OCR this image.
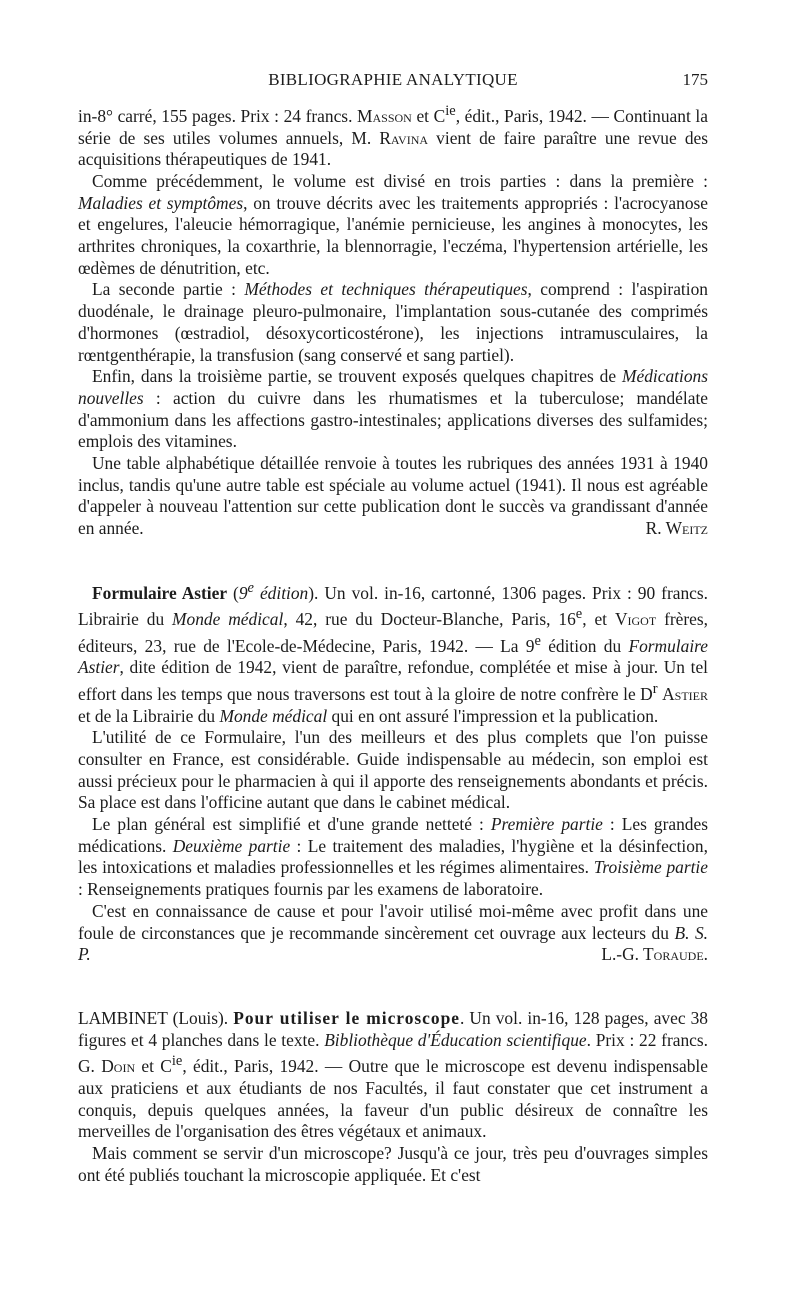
BIBLIOGRAPHIE ANALYTIQUE	175

in-8° carré, 155 pages. Prix : 24 francs. Masson et $C^{ie}$, édit., Paris, 1942. — Continuant la série de ses utiles volumes annuels, M. Ravina vient de faire paraître une revue des acquisitions thérapeutiques de 1941.

Comme précédemment, le volume est divisé en trois parties : dans la première : Maladies et symptômes, on trouve décrits avec les traitements appropriés : l'acrocyanose et engelures, l'aleucie hémorragique, l'anémie pernicieuse, les angines à monocytes, les arthrites chroniques, la coxarthrie, la blennorragie, l'eczéma, l'hypertension artérielle, les œdèmes de dénutrition, etc.

La seconde partie : Méthodes et techniques thérapeutiques, comprend : l'aspiration duodénale, le drainage pleuro-pulmonaire, l'implantation sous-cutanée des comprimés d'hormones (œstradiol, désoxycorticostérone), les injections intramusculaires, la rœntgenthérapie, la transfusion (sang conservé et sang partiel).

Enfin, dans la troisième partie, se trouvent exposés quelques chapitres de Médications nouvelles : action du cuivre dans les rhumatismes et la tuberculose; mandélate d'ammonium dans les affections gastro-intestinales; applications diverses des sulfamides; emplois des vitamines.

Une table alphabétique détaillée renvoie à toutes les rubriques des années 1931 à 1940 inclus, tandis qu'une autre table est spéciale au volume actuel (1941). Il nous est agréable d'appeler à nouveau l'attention sur cette publication dont le succès va grandissant d'année en année.	R. Weitz

Formulaire Astier (9e édition). Un vol. in-16, cartonné, 1306 pages. Prix : 90 francs. Librairie du Monde médical, 42, rue du Docteur-Blanche, Paris, 16e, et Vigot frères, éditeurs, 23, rue de l'Ecole-de-Médecine, Paris, 1942. — La 9e édition du Formulaire Astier, dite édition de 1942, vient de paraître, refondue, complétée et mise à jour. Un tel effort dans les temps que nous traversons est tout à la gloire de notre confrère le $D^r$ Astier et de la Librairie du Monde médical qui en ont assuré l'impression et la publication.

L'utilité de ce Formulaire, l'un des meilleurs et des plus complets que l'on puisse consulter en France, est considérable. Guide indispensable au médecin, son emploi est aussi précieux pour le pharmacien à qui il apporte des renseignements abondants et précis. Sa place est dans l'officine autant que dans le cabinet médical.

Le plan général est simplifié et d'une grande netteté : Première partie : Les grandes médications. Deuxième partie : Le traitement des maladies, l'hygiène et la désinfection, les intoxications et maladies professionnelles et les régimes alimentaires. Troisième partie : Renseignements pratiques fournis par les examens de laboratoire.

C'est en connaissance de cause et pour l'avoir utilisé moi-même avec profit dans une foule de circonstances que je recommande sincèrement cet ouvrage aux lecteurs du B. S. P.	L.-G. Toraude.

LAMBINET (Louis). Pour utiliser le microscope. Un vol. in-16, 128 pages, avec 38 figures et 4 planches dans le texte. Bibliothèque d'Éducation scientifique. Prix : 22 francs. G. Doin et $C^{ie}$, édit., Paris, 1942. — Outre que le microscope est devenu indispensable aux praticiens et aux étudiants de nos Facultés, il faut constater que cet instrument a conquis, depuis quelques années, la faveur d'un public désireux de connaître les merveilles de l'organisation des êtres végétaux et animaux.

Mais comment se servir d'un microscope? Jusqu'à ce jour, très peu d'ouvrages simples ont été publiés touchant la microscopie appliquée. Et c'est
